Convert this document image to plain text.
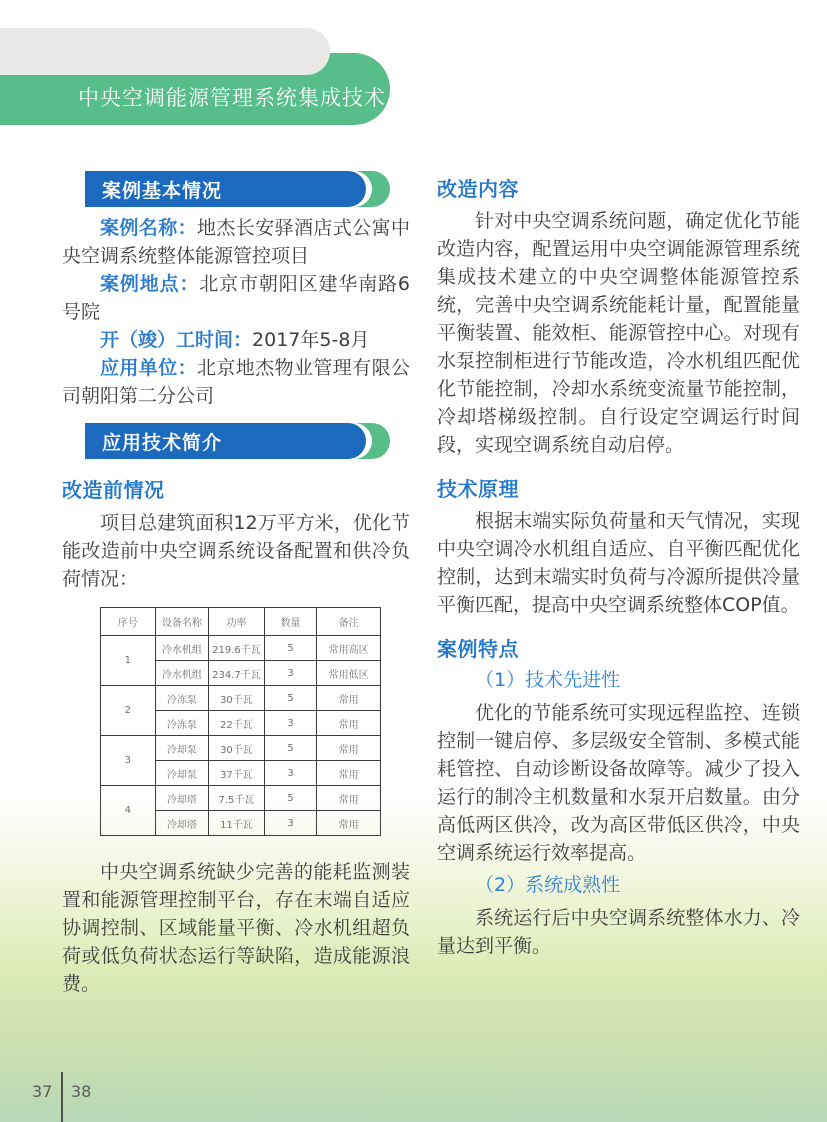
中央空调能源管理系统集成技术
案例基本情况

案例名称：地杰长安驿酒店式公寓中央空调系统整体能源管控项目

案例地点：北京市朝阳区建华南路6号院

开（竣）工时间：2017年5-8月

应用单位：北京地杰物业管理有限公司朝阳第二分公司

应用技术简介
改造前情况

项目总建筑面积12万平方米，优化节能改造前中央空调系统设备配置和供冷负荷情况：

序号	设备名称	功率	数量	备注
1	冷水机组	219.6千瓦	5	常用高区
	冷水机组	234.7千瓦	3	常用低区
2	冷冻泵	30千瓦	5	常用
	冷冻泵	22千瓦	3	常用
3	冷却泵	30千瓦	5	常用
	冷却泵	37千瓦	3	常用
4	冷却塔	7.5千瓦	5	常用
	冷却塔	11千瓦	3	常用

中央空调系统缺少完善的能耗监测装置和能源管理控制平台，存在末端自适应协调控制、区域能量平衡、冷水机组超负荷或低负荷状态运行等缺陷，造成能源浪费。

改造内容

针对中央空调系统问题，确定优化节能改造内容，配置运用中央空调能源管理系统集成技术建立的中央空调整体能源管控系统，完善中央空调系统能耗计量，配置能量平衡装置、能效柜、能源管控中心。对现有水泵控制柜进行节能改造，冷水机组匹配优化节能控制，冷却水系统变流量节能控制，冷却塔梯级控制。自行设定空调运行时间段，实现空调系统自动启停。

技术原理

根据末端实际负荷量和天气情况，实现中央空调冷水机组自适应、自平衡匹配优化控制，达到末端实时负荷与冷源所提供冷量平衡匹配，提高中央空调系统整体COP值。

案例特点
（1）技术先进性

优化的节能系统可实现远程监控、连锁控制一键启停、多层级安全管制、多模式能耗管控、自动诊断设备故障等。减少了投入运行的制冷主机数量和水泵开启数量。由分高低两区供冷，改为高区带低区供冷，中央空调系统运行效率提高。

（2）系统成熟性

系统运行后中央空调系统整体水力、冷量达到平衡。

37 38
